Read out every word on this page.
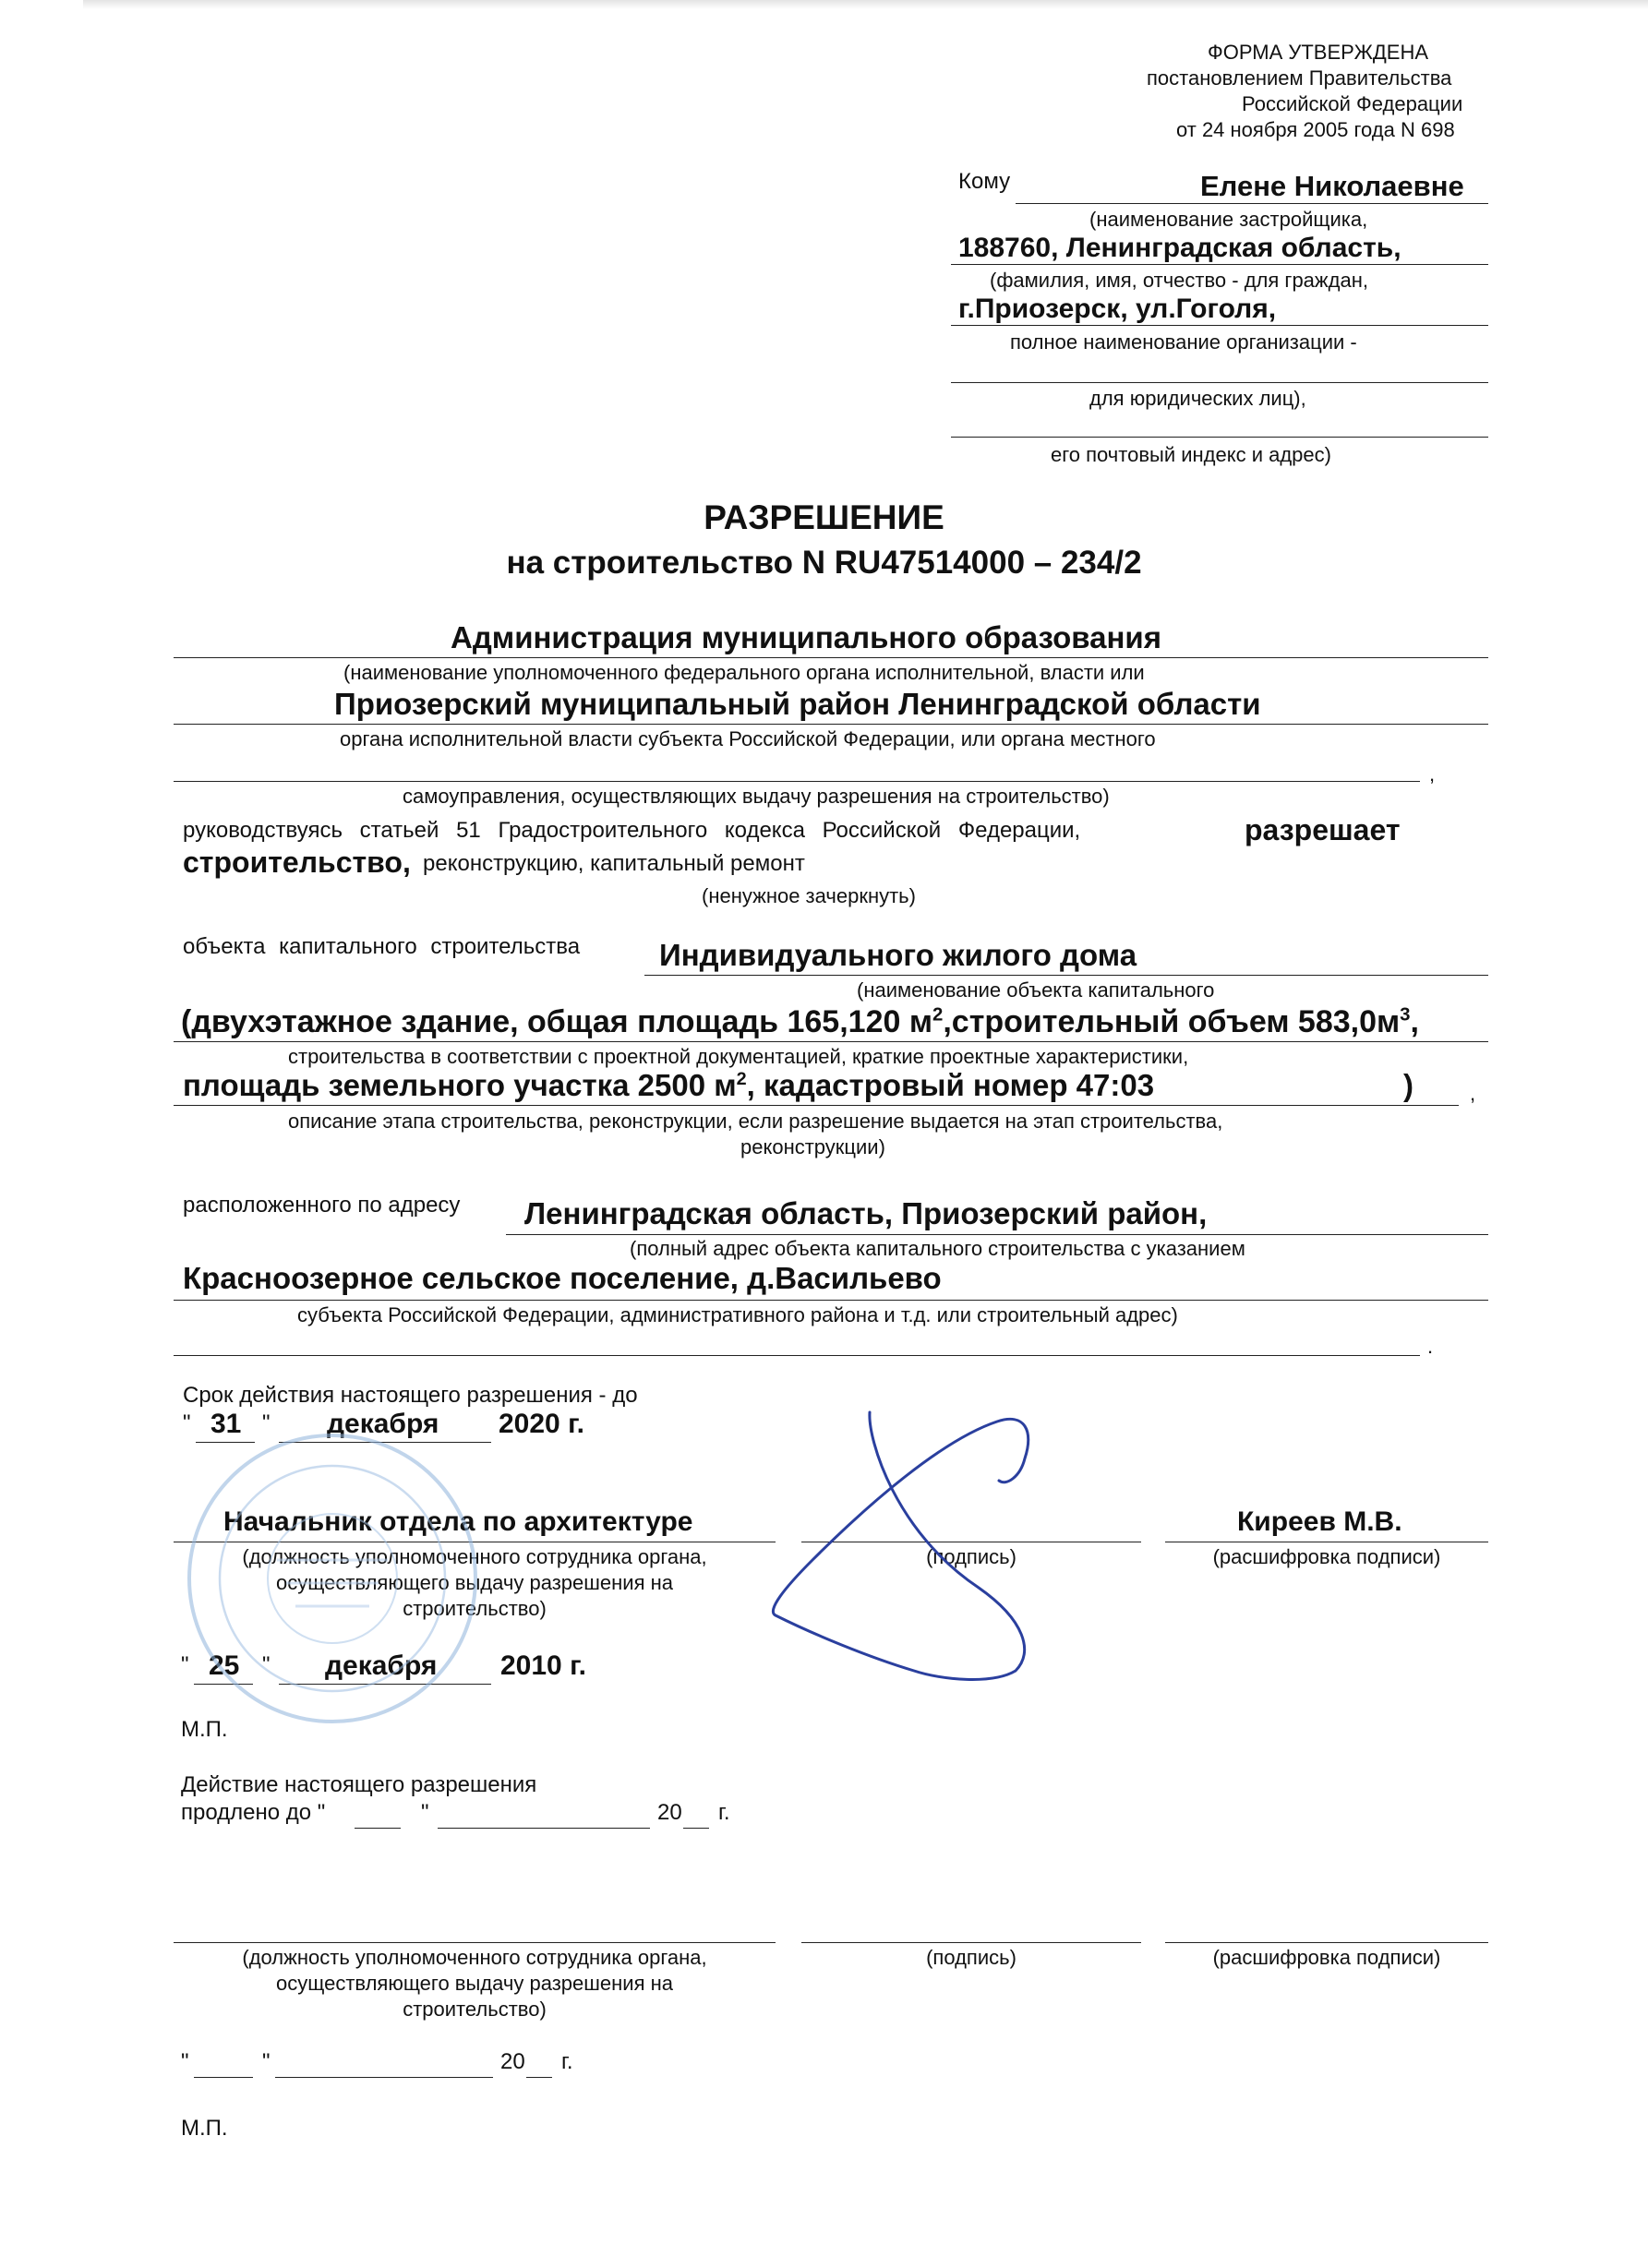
ФОРМА УТВЕРЖДЕНА
постановлением Правительства
Российской Федерации
от 24 ноября 2005 года N 698
Кому	Елене Николаевне
(наименование застройщика,
188760, Ленинградская область,
(фамилия, имя, отчество - для граждан,
г.Приозерск, ул.Гоголя,
полное наименование организации -
для юридических лиц),
его почтовый индекс и адрес)
РАЗРЕШЕНИЕ
на строительство N RU47514000 – 234/2
Администрация муниципального образования
(наименование уполномоченного федерального органа исполнительной, власти или
Приозерский муниципальный район Ленинградской области
органа исполнительной власти субъекта Российской Федерации, или органа местного
,
самоуправления, осуществляющих выдачу разрешения на строительство)
руководствуясь статьей 51 Градостроительного кодекса Российской Федерации,	разрешает
строительство, реконструкцию, капитальный ремонт
(ненужное зачеркнуть)
объекта капитального строительства	Индивидуального жилого дома
(наименование объекта капитального
(двухэтажное здание, общая площадь 165,120 $м^2,строительный$ объем $583,0м^3$,
строительства в соответствии с проектной документацией, краткие проектные характеристики,
площадь земельного участка 2500 $м^2$, кадастровый номер 47:03	)	,
описание этапа строительства, реконструкции, если разрешение выдается на этап строительства,
реконструкции)
расположенного по адресу Ленинградская область, Приозерский район,
(полный адрес объекта капитального строительства с указанием
Красноозерное сельское поселение, д.Васильево
субъекта Российской Федерации, административного района и т.д. или строительный адрес)
.
Срок действия настоящего разрешения - до
" 31 " декабря 2020 г.
Начальник отдела по архитектуре
(должность уполномоченного сотрудника органа,
осуществляющего выдачу разрешения на
строительство)
(подпись)
Киреев М.В.
(расшифровка подписи)
" 25 " декабря 2010 г.
М.П.
Действие настоящего разрешения
продлено до "	"	20 г.
(должность уполномоченного сотрудника органа,
осуществляющего выдачу разрешения на
строительство)
(подпись)	(расшифровка подписи)
"	"	20 г.
М.П.
